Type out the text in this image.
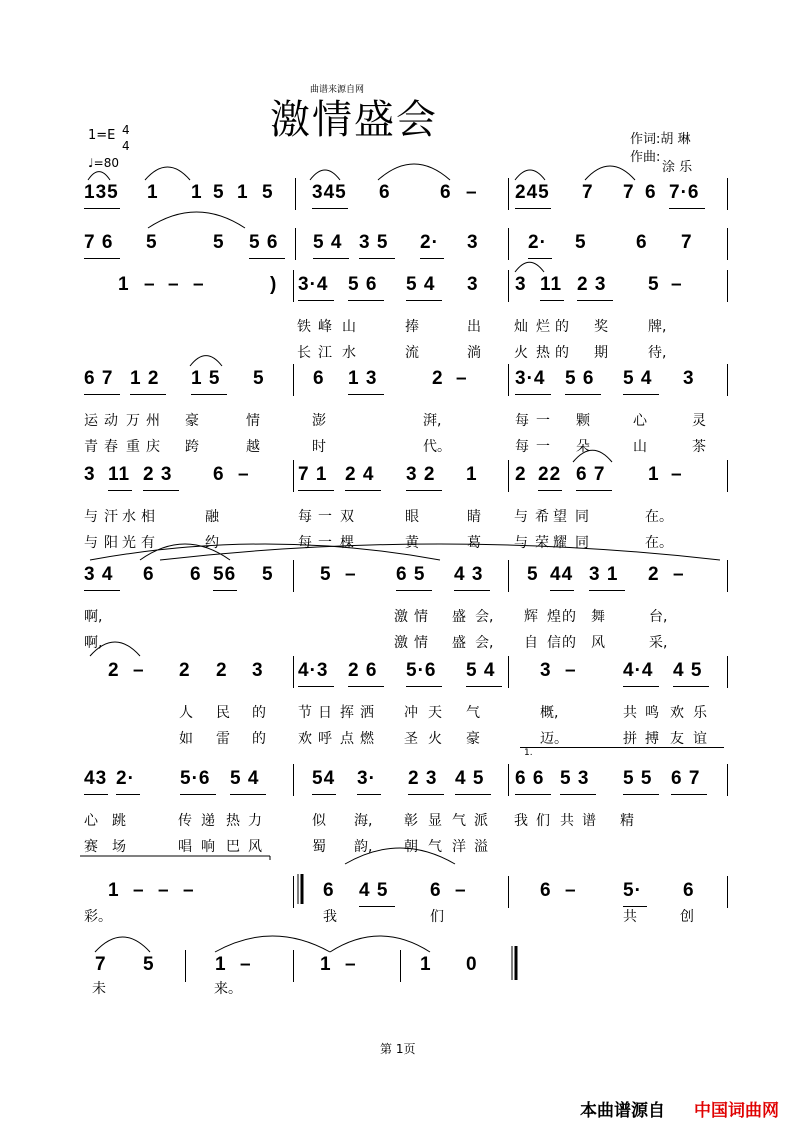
曲谱来源自网
激情盛会
1=E 4
4
♩=80
作词:胡 琳
作曲:
涂 乐
135 1 1 5 1 5 345 6	6 – 245 7 7 6 7·6
7 6 5	5 5 6 5 4 3 5 2· 3	2· 5	6 7
1 – – –	) 3·4 5 6 5 4 3 3 11 2 3 5 –
铁 峰 山	捧	出 灿 烂 的 奖	牌,
长 江 水	流	淌 火 热 的 期	待,
6 7 1 2 1 5 5	6 1 3	2 – 3·4 5 6 5 4 3
运 动 万 州 豪	情	澎	湃,	每 一 颗	心	灵
青 春 重 庆 跨	越	时	代。	每 一 朵	山	茶
3 11 2 3 6 –	7 1 2 4 3 2 1 2 22 6 7 1 –
与 汗 水 相	融	每 一 双	眼	睛 与 希 望 同	在。
与 阳 光 有	约	每 一 棵	黄	葛 与 荣 耀 同	在。
3 4 6 6 56 5 5 – 6 5 4 3 5 44 3 1 2 –
啊,	激 情 盛 会, 辉 煌 的 舞	台,
啊,	激 情 盛 会, 自 信 的 风	采,
2 – 2 2 3 4·3 2 6 5·6 5 4 3 – 4·4 4 5
人 民 的 节 日 挥 洒 冲 天 气	概,	共 鸣 欢 乐
如 雷 的 欢 呼 点 燃 圣 火 豪	迈。	拼 搏 友 谊
43 2· 5·6 5 4	54 3· 2 3 4 5 6 6 5 3 5 5 6 7
心 跳	传 递 热 力	似 海, 彰 显 气 派 我 们 共 谱 精
赛 场	唱 响 巴 风	蜀 韵, 朝 气 洋 溢
1 – – –	6 4 5 6 –	6 – 5· 6
彩。	我	们	共	创
7 5	1 –	1 –	1 0
未	来。
1.
第 1页
本曲谱源自 中国词曲网
